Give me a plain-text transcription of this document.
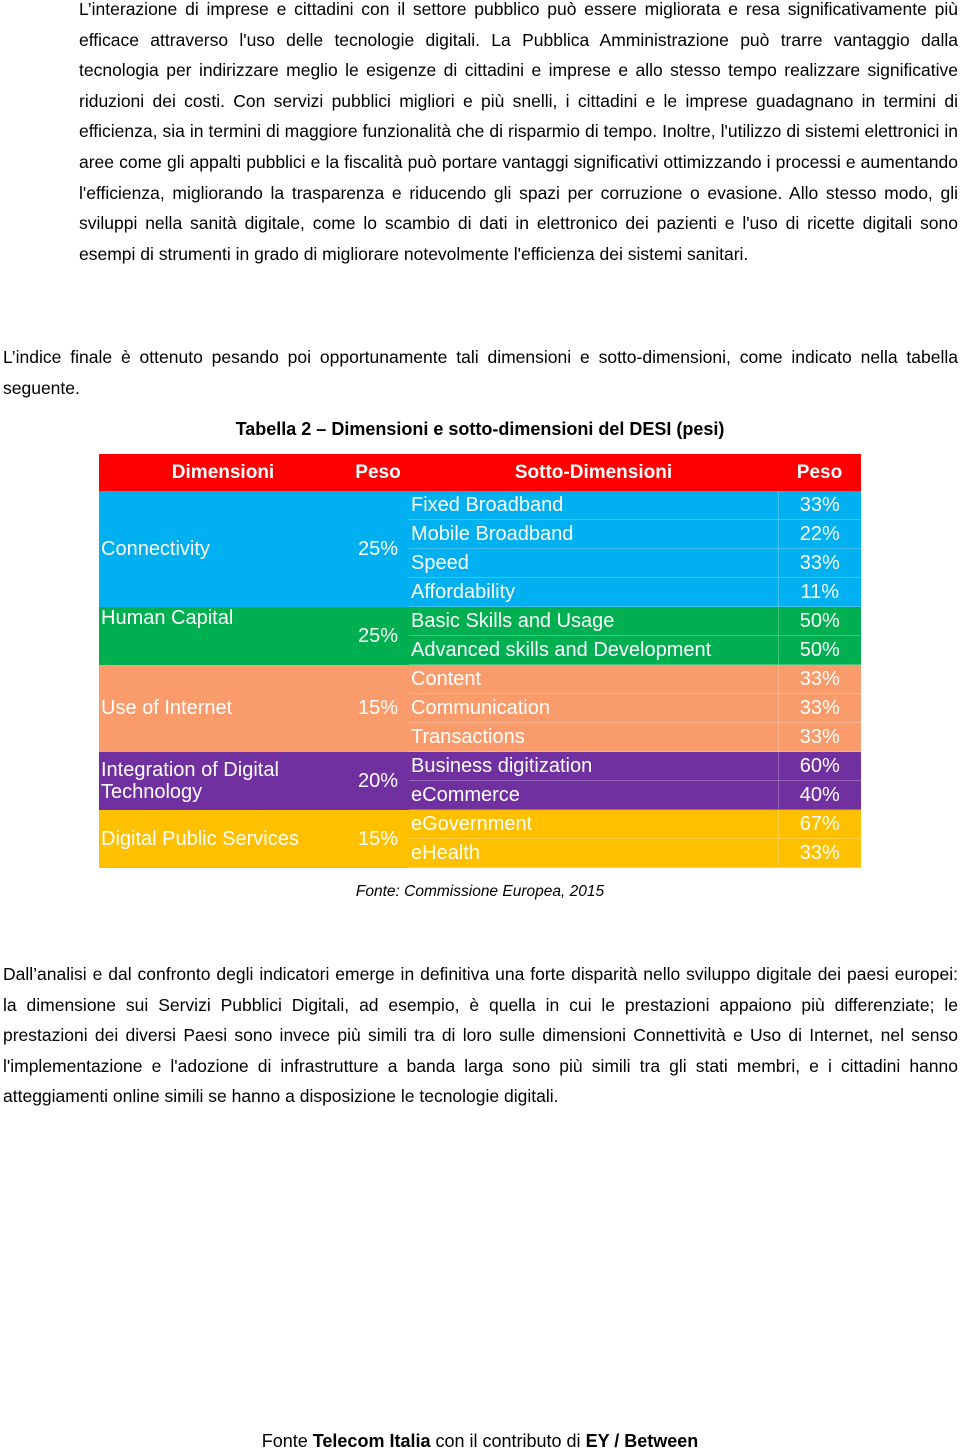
L’interazione di imprese e cittadini con il settore pubblico può essere migliorata e resa significativamente più efficace attraverso l'uso delle tecnologie digitali. La Pubblica Amministrazione può trarre vantaggio dalla tecnologia per indirizzare meglio le esigenze di cittadini e imprese e allo stesso tempo realizzare significative riduzioni dei costi. Con servizi pubblici migliori e più snelli, i cittadini e le imprese guadagnano in termini di efficienza, sia in termini di maggiore funzionalità che di risparmio di tempo. Inoltre, l'utilizzo di sistemi elettronici in aree come gli appalti pubblici e la fiscalità può portare vantaggi significativi ottimizzando i processi e aumentando l'efficienza, migliorando la trasparenza e riducendo gli spazi per corruzione o evasione. Allo stesso modo, gli sviluppi nella sanità digitale, come lo scambio di dati in elettronico dei pazienti e l'uso di ricette digitali sono esempi di strumenti in grado di migliorare notevolmente l'efficienza dei sistemi sanitari.

L’indice finale è ottenuto pesando poi opportunamente tali dimensioni e sotto-dimensioni, come indicato nella tabella seguente.

Tabella 2 – Dimensioni e sotto-dimensioni del DESI (pesi)
Dimensioni	Peso	Sotto-Dimensioni	Peso
Connectivity	25%	Fixed Broadband	33%
		Mobile Broadband	22%
		Speed	33%
		Affordability	11%
Human Capital	25%	Basic Skills and Usage	50%
		Advanced skills and Development	50%
Use of Internet	15%	Content	33%
		Communication	33%
		Transactions	33%
Integration of Digital Technology	20%	Business digitization	60%
		eCommerce	40%
Digital Public Services	15%	eGovernment	67%
		eHealth	33%
Fonte: Commissione Europea, 2015

Dall’analisi e dal confronto degli indicatori emerge in definitiva una forte disparità nello sviluppo digitale dei paesi europei: la dimensione sui Servizi Pubblici Digitali, ad esempio, è quella in cui le prestazioni appaiono più differenziate; le prestazioni dei diversi Paesi sono invece più simili tra di loro sulle dimensioni Connettività e Uso di Internet, nel senso l'implementazione e l'adozione di infrastrutture a banda larga sono più simili tra gli stati membri, e i cittadini hanno atteggiamenti online simili se hanno a disposizione le tecnologie digitali.

Fonte Telecom Italia con il contributo di EY / Between
